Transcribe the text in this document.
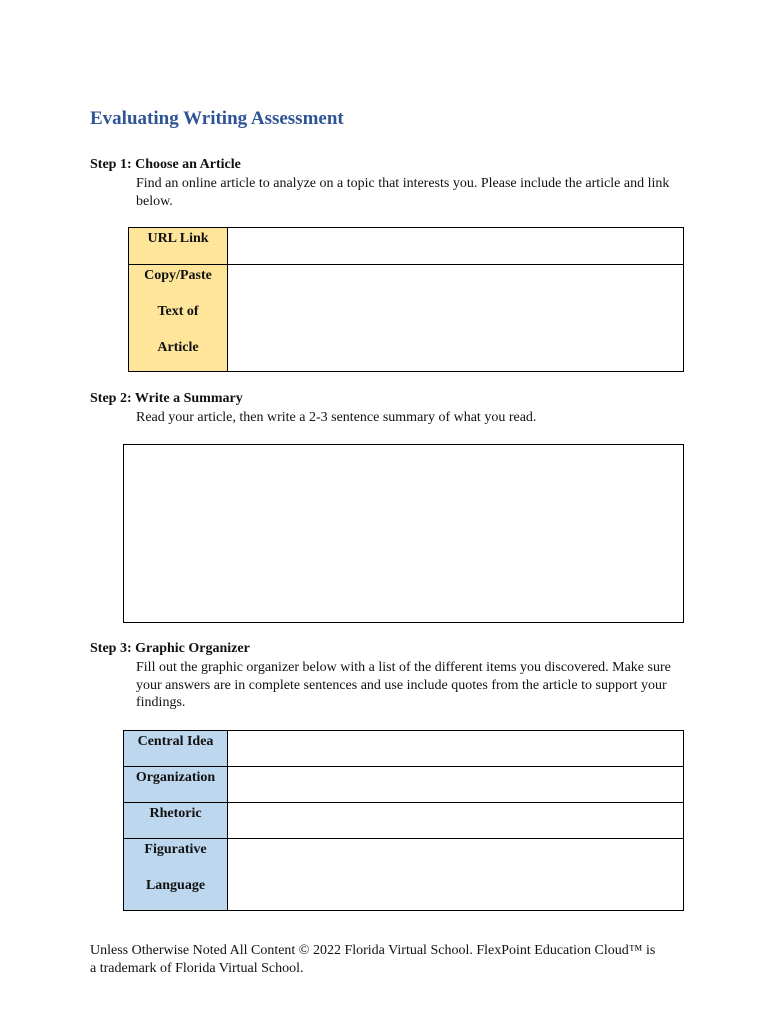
Evaluating Writing Assessment
Step 1: Choose an Article
Find an online article to analyze on a topic that interests you. Please include the article and link below.
URL Link	

Copy/Paste
Text of
Article	

Step 2: Write a Summary
Read your article, then write a 2-3 sentence summary of what you read.
Step 3: Graphic Organizer
Fill out the graphic organizer below with a list of the different items you discovered. Make sure your answers are in complete sentences and use include quotes from the article to support your findings.
Central Idea	

Organization	

Rhetoric	

Figurative
Language	

Unless Otherwise Noted All Content © 2022 Florida Virtual School. FlexPoint Education Cloud™ is a trademark of Florida Virtual School.
